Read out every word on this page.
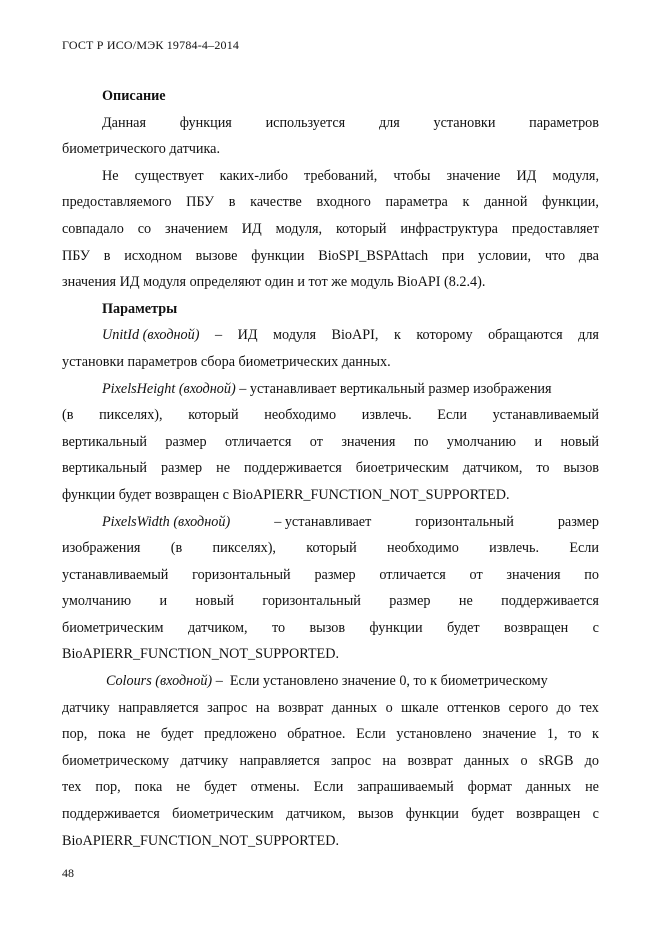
ГОСТ Р ИСО/МЭК 19784-4–2014
Описание
Данная функция используется для установки параметров
биометрического датчика.
Не существует каких-либо требований, чтобы значение ИД модуля,
предоставляемого ПБУ в качестве входного параметра к данной функции,
совпадало со значением ИД модуля, который инфраструктура предоставляет
ПБУ в исходном вызове функции BioSPI_BSPAttach при условии, что два
значения ИД модуля определяют один и тот же модуль BioAPI (8.2.4).
Параметры
UnitId (входной) – ИД модуля BioAPI, к которому обращаются для
установки параметров сбора биометрических данных.
PixelsHeight (входной) – устанавливает вертикальный размер изображения
(в пикселях), который необходимо извлечь. Если устанавливаемый
вертикальный размер отличается от значения по умолчанию и новый
вертикальный размер не поддерживается биоетрическим датчиком, то вызов
функции будет возвращен с BioAPIERR_FUNCTION_NOT_SUPPORTED.
PixelsWidth (входной)	– устанавливает	горизонтальный	размер
изображения (в пикселях), который необходимо извлечь. Если
устанавливаемый горизонтальный размер отличается от значения по
умолчанию и новый горизонтальный размер не поддерживается
биометрическим датчиком, то вызов функции будет возвращен с
BioAPIERR_FUNCTION_NOT_SUPPORTED.
Colours (входной) –  Если установлено значение 0, то к биометрическому
датчику направляется запрос на возврат данных о шкале оттенков серого до тех
пор, пока не будет предложено обратное. Если установлено значение 1, то к
биометрическому датчику направляется запрос на возврат данных о sRGB до
тех пор, пока не будет отмены. Если запрашиваемый формат данных не
поддерживается биометрическим датчиком, вызов функции будет возвращен с
BioAPIERR_FUNCTION_NOT_SUPPORTED.
48
